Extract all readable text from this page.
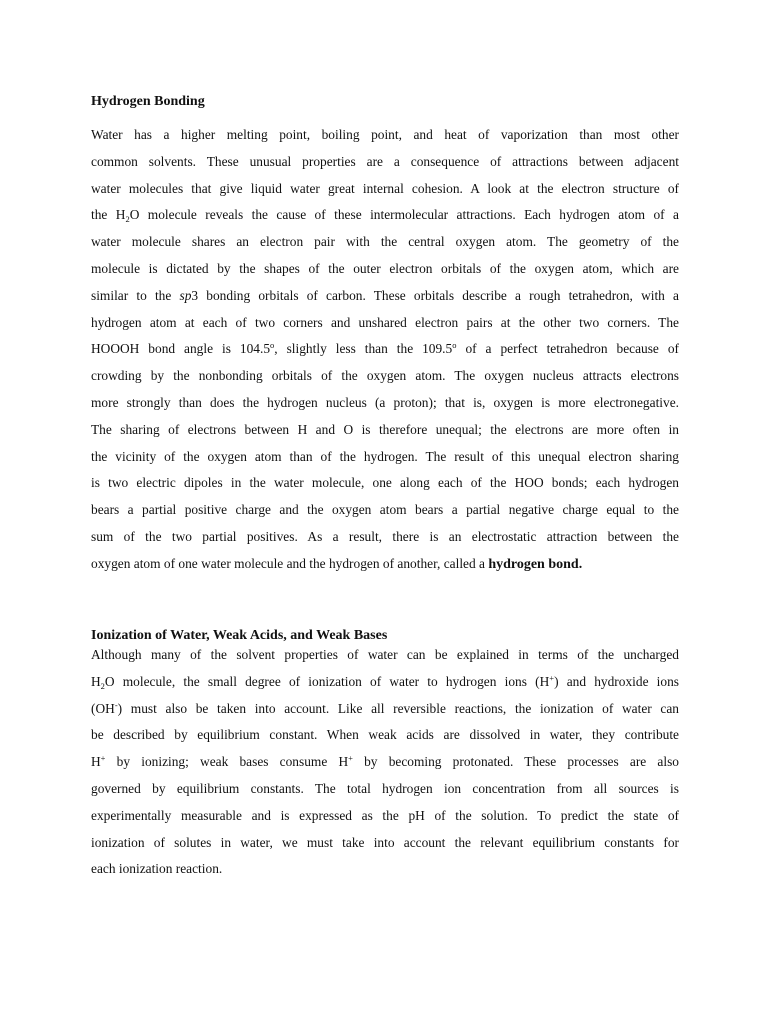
Hydrogen Bonding
Water has a higher melting point, boiling point, and heat of vaporization than most other
common solvents. These unusual properties are a consequence of attractions between adjacent
water molecules that give liquid water great internal cohesion. A look at the electron structure of
the $H_2O$ molecule reveals the cause of these intermolecular attractions. Each hydrogen atom of a
water molecule shares an electron pair with the central oxygen atom. The geometry of the
molecule is dictated by the shapes of the outer electron orbitals of the oxygen atom, which are
similar to the sp3 bonding orbitals of carbon. These orbitals describe a rough tetrahedron, with a
hydrogen atom at each of two corners and unshared electron pairs at the other two corners. The
HOOOH bond angle is 104.5$^o$, slightly less than the 109.5$^o$ of a perfect tetrahedron because of
crowding by the nonbonding orbitals of the oxygen atom. The oxygen nucleus attracts electrons
more strongly than does the hydrogen nucleus (a proton); that is, oxygen is more electronegative.
The sharing of electrons between H and O is therefore unequal; the electrons are more often in
the vicinity of the oxygen atom than of the hydrogen. The result of this unequal electron sharing
is two electric dipoles in the water molecule, one along each of the HOO bonds; each hydrogen
bears a partial positive charge and the oxygen atom bears a partial negative charge equal to the
sum of the two partial positives. As a result, there is an electrostatic attraction between the
oxygen atom of one water molecule and the hydrogen of another, called a hydrogen bond.
Ionization of Water, Weak Acids, and Weak Bases
Although many of the solvent properties of water can be explained in terms of the uncharged
$H_2O$ molecule, the small degree of ionization of water to hydrogen ions (H+) and hydroxide ions
(OH-) must also be taken into account. Like all reversible reactions, the ionization of water can
be described by equilibrium constant. When weak acids are dissolved in water, they contribute
H+ by ionizing; weak bases consume H+ by becoming protonated. These processes are also
governed by equilibrium constants. The total hydrogen ion concentration from all sources is
experimentally measurable and is expressed as the pH of the solution. To predict the state of
ionization of solutes in water, we must take into account the relevant equilibrium constants for
each ionization reaction.
